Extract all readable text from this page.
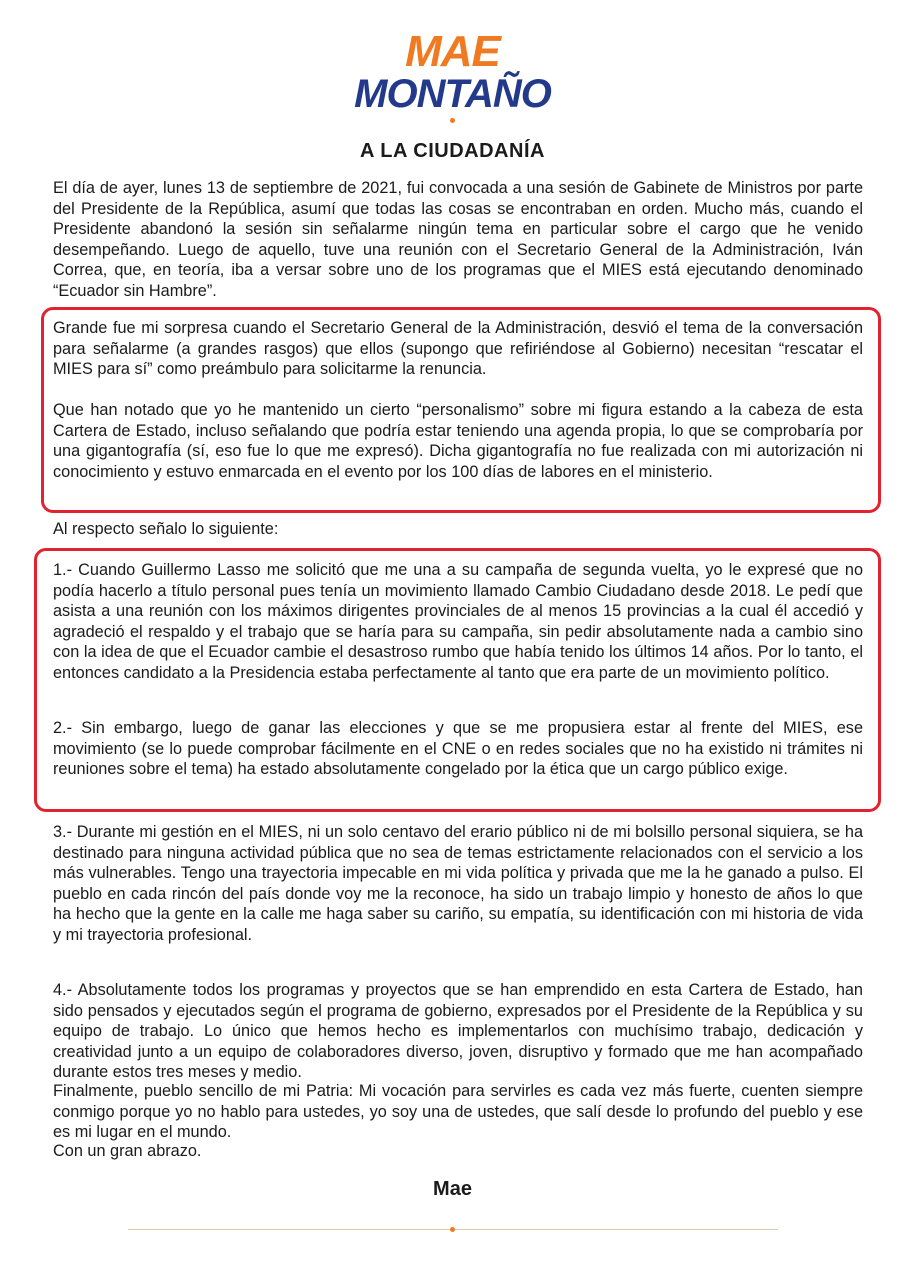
MAE
MONTAÑO
A LA CIUDADANÍA

El día de ayer, lunes 13 de septiembre de 2021, fui convocada a una sesión de Gabinete de Ministros por parte del Presidente de la República, asumí que todas las cosas se encontraban en orden. Mucho más, cuando el Presidente abandonó la sesión sin señalarme ningún tema en particular sobre el cargo que he venido desempeñando. Luego de aquello, tuve una reunión con el Secretario General de la Administración, Iván Correa, que, en teoría, iba a versar sobre uno de los programas que el MIES está ejecutando denominado “Ecuador sin Hambre”.

Grande fue mi sorpresa cuando el Secretario General de la Administración, desvió el tema de la conversación para señalarme (a grandes rasgos) que ellos (supongo que refiriéndose al Gobierno) necesitan “rescatar el MIES para sí” como preámbulo para solicitarme la renuncia.

Que han notado que yo he mantenido un cierto “personalismo” sobre mi figura estando a la cabeza de esta Cartera de Estado, incluso señalando que podría estar teniendo una agenda propia, lo que se comprobaría por una gigantografía (sí, eso fue lo que me expresó). Dicha gigantografía no fue realizada con mi autorización ni conocimiento y estuvo enmarcada en el evento por los 100 días de labores en el ministerio.

Al respecto señalo lo siguiente:

1.- Cuando Guillermo Lasso me solicitó que me una a su campaña de segunda vuelta, yo le expresé que no podía hacerlo a título personal pues tenía un movimiento llamado Cambio Ciudadano desde 2018. Le pedí que asista a una reunión con los máximos dirigentes provinciales de al menos 15 provincias a la cual él accedió y agradeció el respaldo y el trabajo que se haría para su campaña, sin pedir absolutamente nada a cambio sino con la idea de que el Ecuador cambie el desastroso rumbo que había tenido los últimos 14 años. Por lo tanto, el entonces candidato a la Presidencia estaba perfectamente al tanto que era parte de un movimiento político.

2.- Sin embargo, luego de ganar las elecciones y que se me propusiera estar al frente del MIES, ese movimiento (se lo puede comprobar fácilmente en el CNE o en redes sociales que no ha existido ni trámites ni reuniones sobre el tema) ha estado absolutamente congelado por la ética que un cargo público exige.

3.- Durante mi gestión en el MIES, ni un solo centavo del erario público ni de mi bolsillo personal siquiera, se ha destinado para ninguna actividad pública que no sea de temas estrictamente relacionados con el servicio a los más vulnerables. Tengo una trayectoria impecable en mi vida política y privada que me la he ganado a pulso. El pueblo en cada rincón del país donde voy me la reconoce, ha sido un trabajo limpio y honesto de años lo que ha hecho que la gente en la calle me haga saber su cariño, su empatía, su identificación con mi historia de vida y mi trayectoria profesional.

4.- Absolutamente todos los programas y proyectos que se han emprendido en esta Cartera de Estado, han sido pensados y ejecutados según el programa de gobierno, expresados por el Presidente de la República y su equipo de trabajo. Lo único que hemos hecho es implementarlos con muchísimo trabajo, dedicación y creatividad junto a un equipo de colaboradores diverso, joven, disruptivo y formado que me han acompañado durante estos tres meses y medio.

Finalmente, pueblo sencillo de mi Patria: Mi vocación para servirles es cada vez más fuerte, cuenten siempre conmigo porque yo no hablo para ustedes, yo soy una de ustedes, que salí desde lo profundo del pueblo y ese es mi lugar en el mundo.

Con un gran abrazo.

Mae
